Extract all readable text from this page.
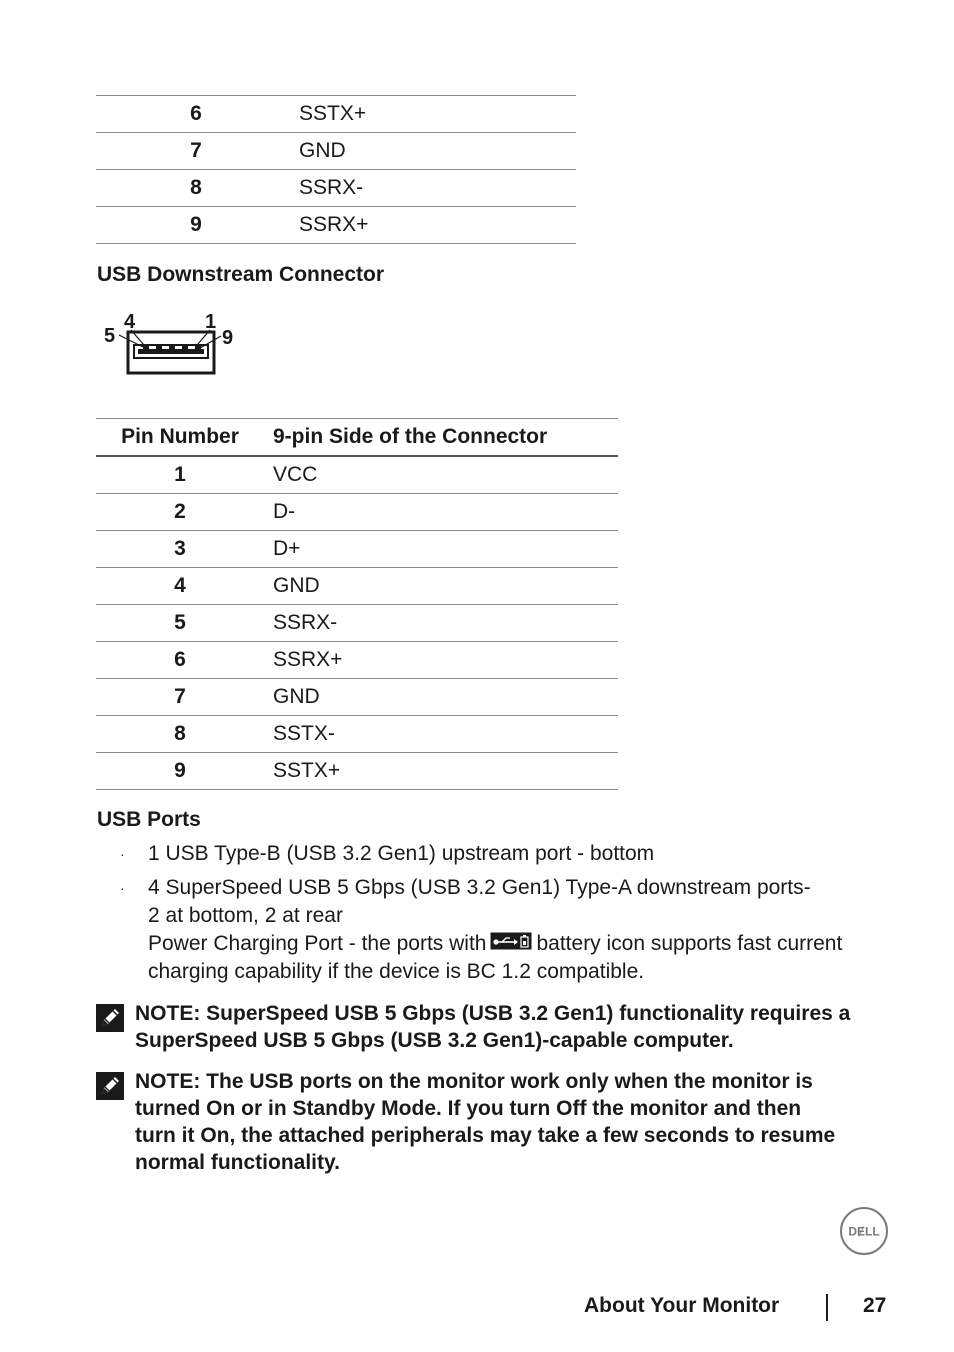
6	SSTX+
7	GND
8	SSRX-
9	SSRX+
USB Downstream Connector
5
4	1
9
Pin Number	9-pin Side of the Connector
1	VCC
2	D-
3	D+
4	GND
5	SSRX-
6	SSRX+
7	GND
8	SSTX-
9	SSTX+
USB Ports
· 1 USB Type-B (USB 3.2 Gen1) upstream port - bottom
· 4 SuperSpeed USB 5 Gbps (USB 3.2 Gen1) Type-A downstream ports-
2 at bottom, 2 at rear
Power Charging Port - the ports with battery icon supports fast current
charging capability if the device is BC 1.2 compatible.
NOTE: SuperSpeed USB 5 Gbps (USB 3.2 Gen1) functionality requires a
SuperSpeed USB 5 Gbps (USB 3.2 Gen1)-capable computer.
NOTE: The USB ports on the monitor work only when the monitor is
turned On or in Standby Mode. If you turn Off the monitor and then
turn it On, the attached peripherals may take a few seconds to resume
normal functionality.
DɆLL
About Your Monitor	27
